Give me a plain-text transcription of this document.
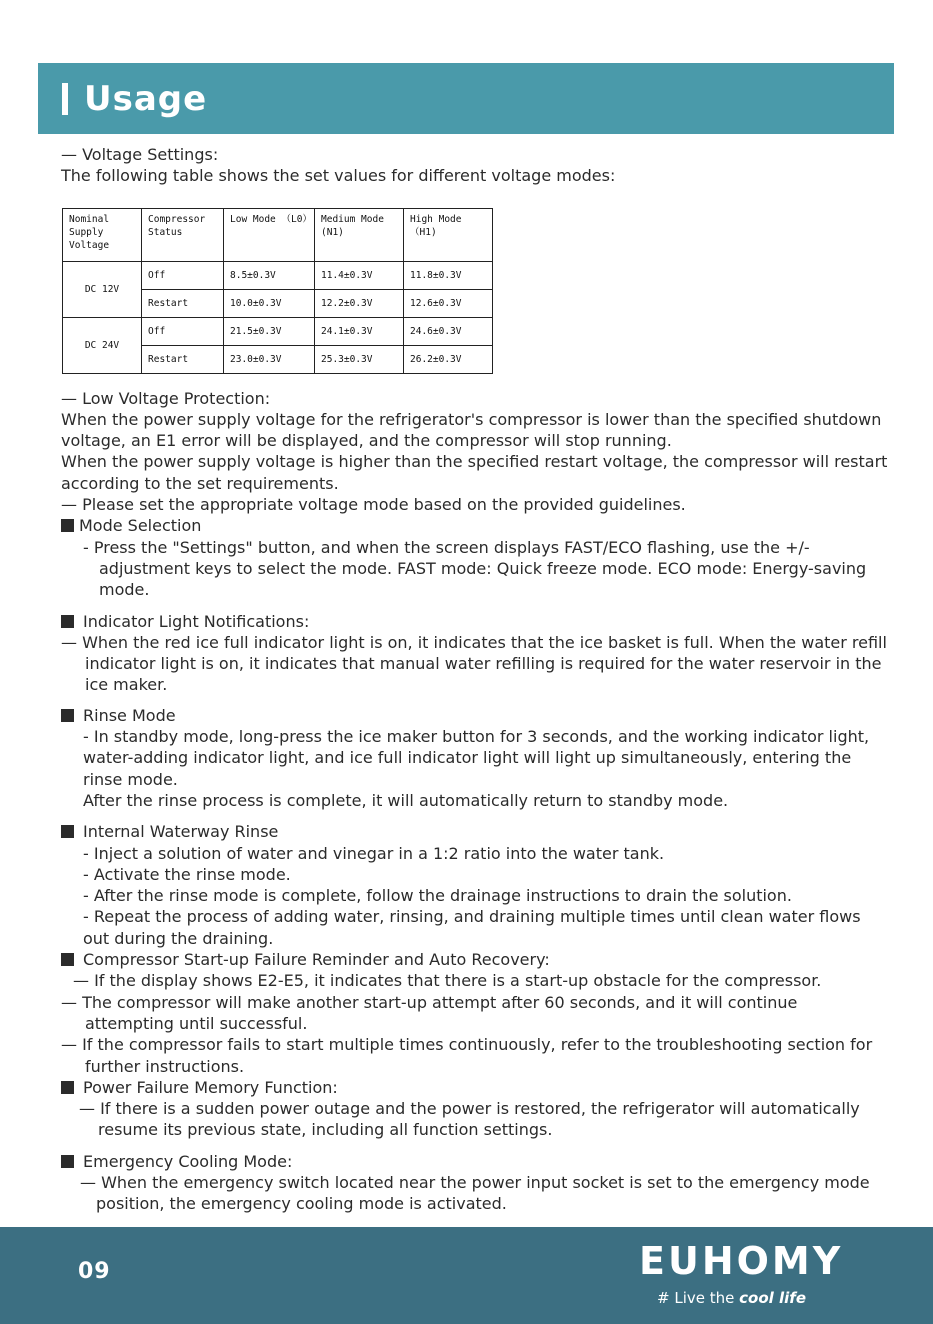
Usage

— Voltage Settings:

The following table shows the set values for different voltage modes:

Nominal Supply Voltage	Compressor Status	Low Mode （L0）	Medium Mode (N1)	High Mode （H1)
DC 12V	Off	8.5±0.3V	11.4±0.3V	11.8±0.3V
	Restart	10.0±0.3V	12.2±0.3V	12.6±0.3V
DC 24V	Off	21.5±0.3V	24.1±0.3V	24.6±0.3V
	Restart	23.0±0.3V	25.3±0.3V	26.2±0.3V

— Low Voltage Protection:

When the power supply voltage for the refrigerator's compressor is lower than the specified shutdown voltage, an E1 error will be displayed, and the compressor will stop running.

When the power supply voltage is higher than the specified restart voltage, the compressor will restart according to the set requirements.

— Please set the appropriate voltage mode based on the provided guidelines.

Mode Selection

- Press the "Settings" button, and when the screen displays FAST/ECO flashing, use the +/- adjustment keys to select the mode. FAST mode: Quick freeze mode. ECO mode: Energy-saving mode.

Indicator Light Notifications:

— When the red ice full indicator light is on, it indicates that the ice basket is full. When the water refill indicator light is on, it indicates that manual water refilling is required for the water reservoir in the ice maker.

Rinse Mode

- In standby mode, long-press the ice maker button for 3 seconds, and the working indicator light, water-adding indicator light, and ice full indicator light will light up simultaneously, entering the rinse mode.

After the rinse process is complete, it will automatically return to standby mode.

Internal Waterway Rinse

- Inject a solution of water and vinegar in a 1:2 ratio into the water tank.

- Activate the rinse mode.

- After the rinse mode is complete, follow the drainage instructions to drain the solution.

- Repeat the process of adding water, rinsing, and draining multiple times until clean water flows out during the draining.

Compressor Start-up Failure Reminder and Auto Recovery:

— If the display shows E2-E5, it indicates that there is a start-up obstacle for the compressor.

— The compressor will make another start-up attempt after 60 seconds, and it will continue attempting until successful.

— If the compressor fails to start multiple times continuously, refer to the troubleshooting section for further instructions.

Power Failure Memory Function:

— If there is a sudden power outage and the power is restored, the refrigerator will automatically resume its previous state, including all function settings.

Emergency Cooling Mode:

— When the emergency switch located near the power input socket is set to the emergency mode position, the emergency cooling mode is activated.

09	EUHOMY
# Live the cool life
